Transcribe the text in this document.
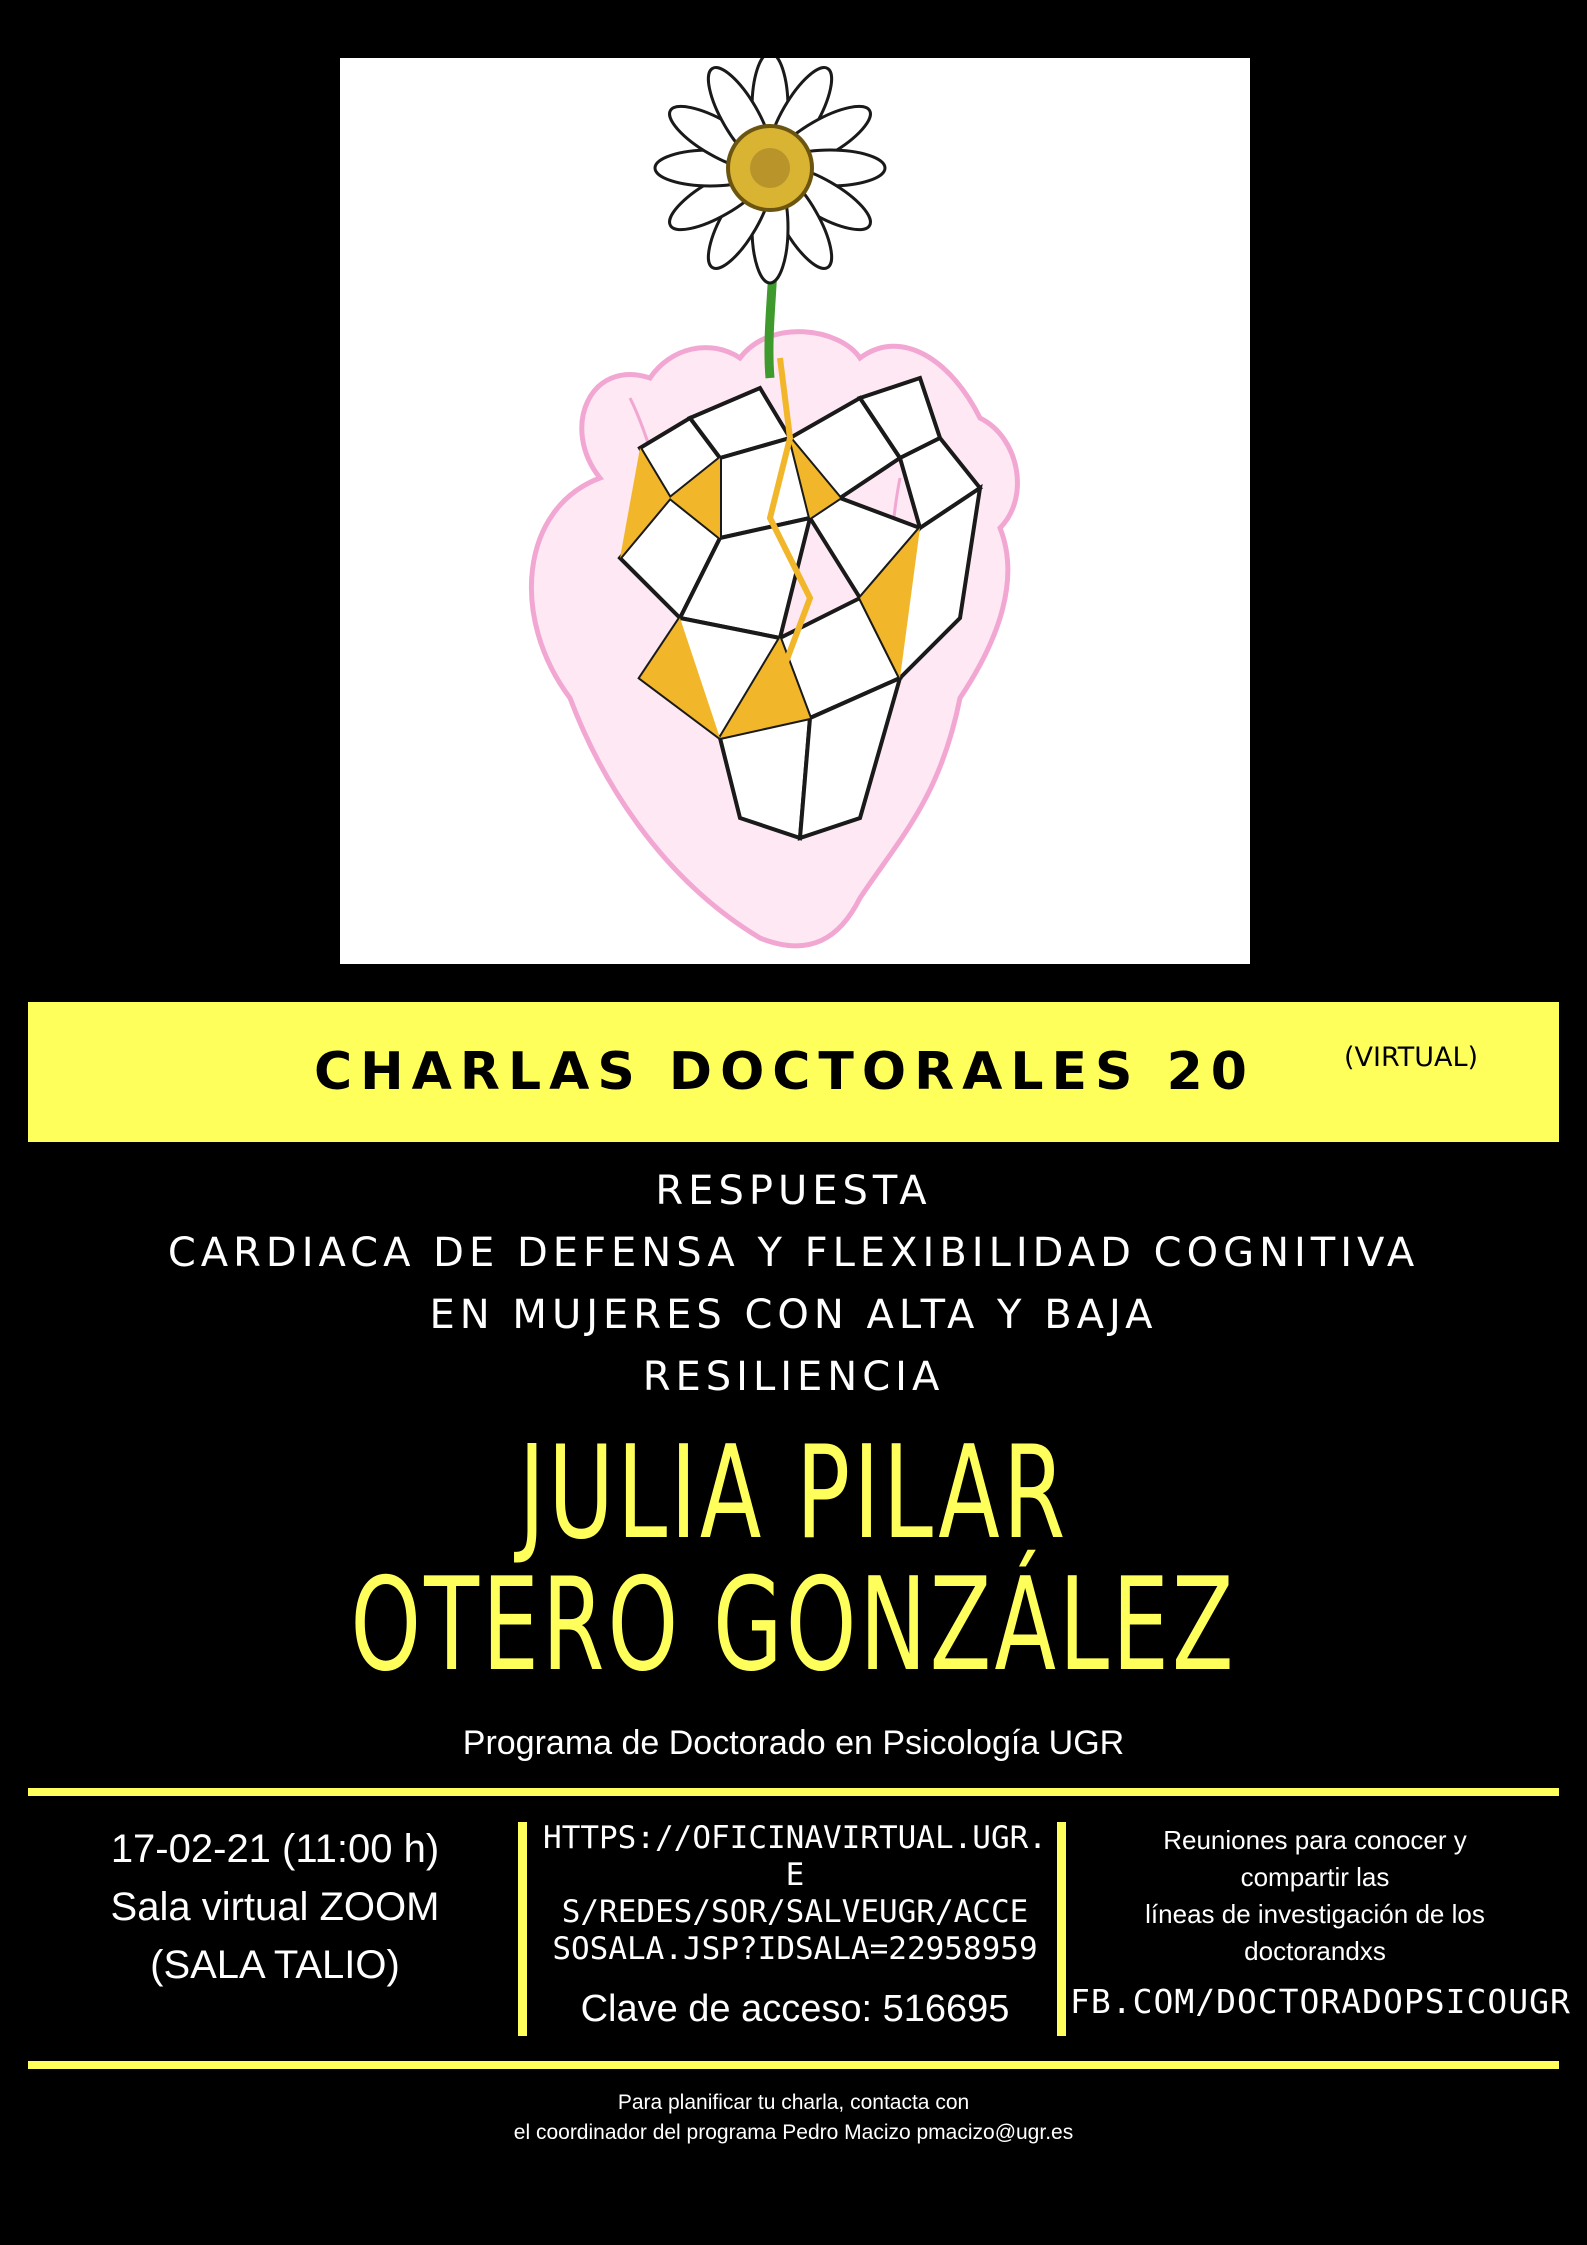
CHARLAS DOCTORALES 20	(VIRTUAL)
RESPUESTA
CARDIACA DE DEFENSA Y FLEXIBILIDAD COGNITIVA
EN MUJERES CON ALTA Y BAJA
RESILIENCIA
JULIA PILAR
OTERO GONZÁLEZ
Programa de Doctorado en Psicología UGR
17-02-21 (11:00 h)
Sala virtual ZOOM
(SALA TALIO)
HTTPS://OFICINAVIRTUAL.UGR.E
S/REDES/SOR/SALVEUGR/ACCE
SOSALA.JSP?IDSALA=22958959
Clave de acceso: 516695
Reuniones para conocer y
compartir las
líneas de investigación de los
doctorandxs
FB.COM/DOCTORADOPSICOUGR
Para planificar tu charla, contacta con
el coordinador del programa Pedro Macizo pmacizo@ugr.es
